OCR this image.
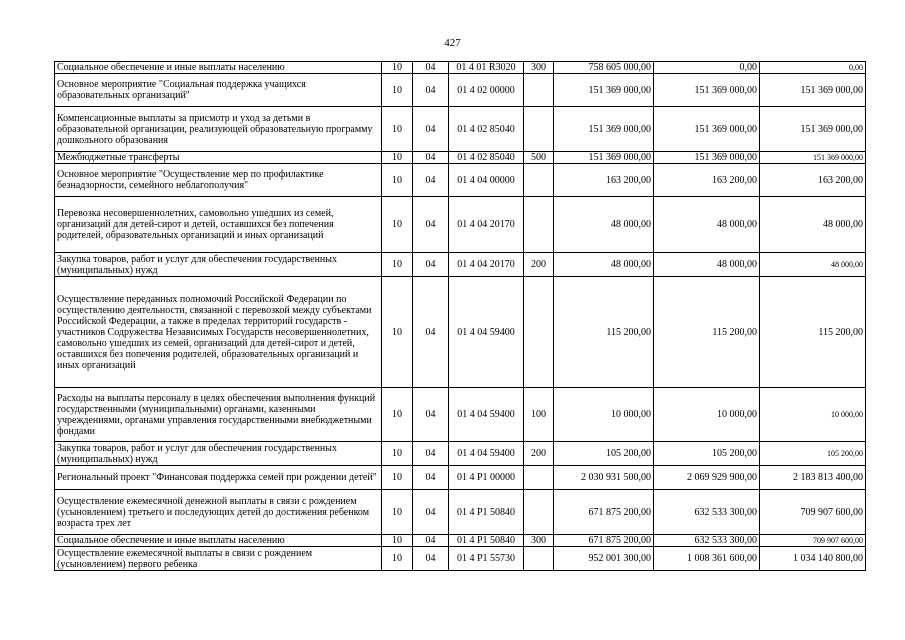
427
Социальное обеспечение и иные выплаты населению	10	04	01 4 01 R3020	300	758 605 000,00	0,00	0,00
Основное мероприятие "Социальная поддержка учащихся образовательных организаций"	10	04	01 4 02 00000		151 369 000,00	151 369 000,00	151 369 000,00
Компенсационные выплаты за присмотр и уход за детьми в образовательной организации, реализующей образовательную программу дошкольного образования	10	04	01 4 02 85040		151 369 000,00	151 369 000,00	151 369 000,00
Межбюджетные трансферты	10	04	01 4 02 85040	500	151 369 000,00	151 369 000,00	151 369 000,00
Основное мероприятие "Осуществление мер по профилактике безнадзорности, семейного неблагополучия"	10	04	01 4 04 00000		163 200,00	163 200,00	163 200,00
Перевозка несовершеннолетних, самовольно ушедших из семей, организаций для детей-сирот и детей, оставшихся без попечения родителей, образовательных организаций и иных организаций	10	04	01 4 04 20170		48 000,00	48 000,00	48 000,00
Закупка товаров, работ и услуг для обеспечения государственных (муниципальных) нужд	10	04	01 4 04 20170	200	48 000,00	48 000,00	48 000,00
Осуществление переданных полномочий Российской Федерации по осуществлению деятельности, связанной с перевозкой между субъектами Российской Федерации, а также в пределах территорий государств - участников Содружества Независимых Государств несовершеннолетних, самовольно ушедших из семей, организаций для детей-сирот и детей, оставшихся без попечения родителей, образовательных организаций и иных организаций	10	04	01 4 04 59400		115 200,00	115 200,00	115 200,00
Расходы на выплаты персоналу в целях обеспечения выполнения функций государственными (муниципальными) органами, казенными учреждениями, органами управления государственными внебюджетными фондами	10	04	01 4 04 59400	100	10 000,00	10 000,00	10 000,00
Закупка товаров, работ и услуг для обеспечения государственных (муниципальных) нужд	10	04	01 4 04 59400	200	105 200,00	105 200,00	105 200,00
Региональный проект "Финансовая поддержка семей при рождении детей"	10	04	01 4 P1 00000		2 030 931 500,00	2 069 929 900,00	2 183 813 400,00
Осуществление ежемесячной денежной выплаты в связи с рождением (усыновлением) третьего и последующих детей до достижения ребенком возраста трех лет	10	04	01 4 P1 50840		671 875 200,00	632 533 300,00	709 907 600,00
Социальное обеспечение и иные выплаты населению	10	04	01 4 P1 50840	300	671 875 200,00	632 533 300,00	709 907 600,00
Осуществление ежемесячной выплаты в связи с рождением (усыновлением) первого ребенка	10	04	01 4 P1 55730		952 001 300,00	1 008 361 600,00	1 034 140 800,00
